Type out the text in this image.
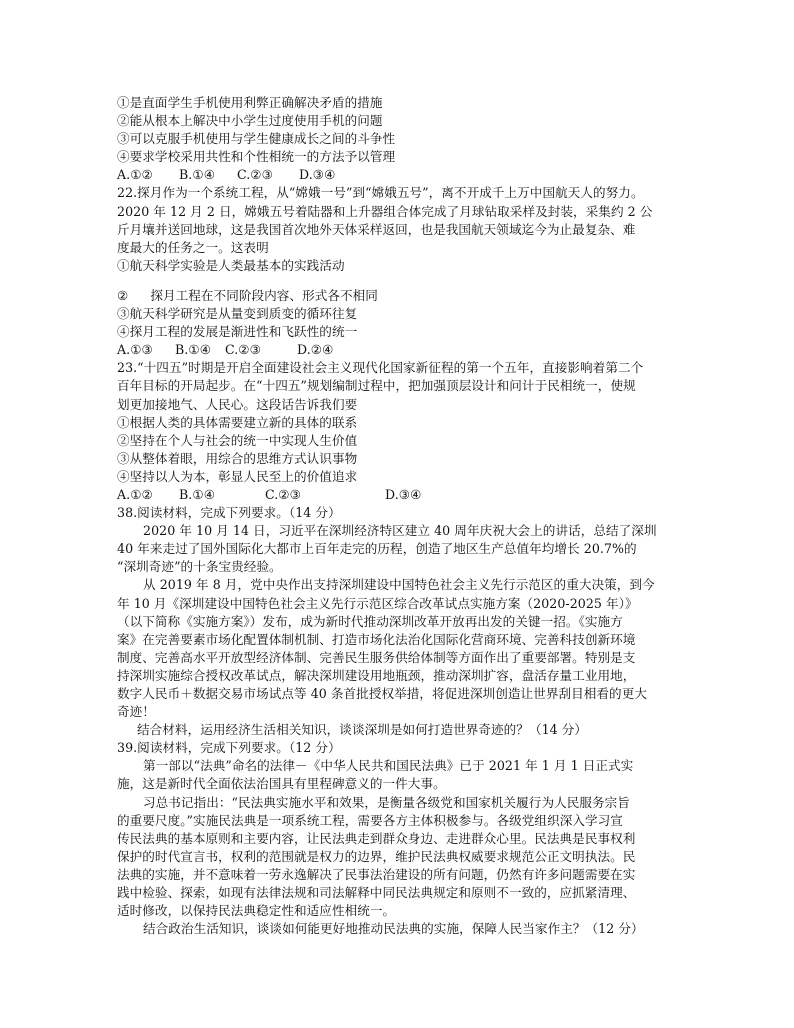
①是直面学生手机使用利弊正确解决矛盾的措施
②能从根本上解决中小学生过度使用手机的问题
③可以克服手机使用与学生健康成长之间的斗争性
④要求学校采用共性和个性相统一的方法予以管理
A.①② B.①④ C.②③ D.③④
22.探月作为一个系统工程，从“嫦娥一号”到“嫦娥五号”，离不开成千上万中国航天人的努力。
2020 年 12 月 2 日，嫦娥五号着陆器和上升器组合体完成了月球钻取采样及封装，采集约 2 公
斤月壤并送回地球，这是我国首次地外天体采样返回，也是我国航天领域迄今为止最复杂、难
度最大的任务之一。这表明
①航天科学实验是人类最基本的实践活动
② 探月工程在不同阶段内容、形式各不相同
③航天科学研究是从量变到质变的循环往复
④探月工程的发展是渐进性和飞跃性的统一
A.①③ B.①④ C.②③	D.②④
23.“十四五”时期是开启全面建设社会主义现代化国家新征程的第一个五年，直接影响着第二个
百年目标的开局起步。在“十四五”规划编制过程中，把加强顶层设计和问计于民相统一，使规
划更加接地气、人民心。这段话告诉我们要
①根据人类的具体需要建立新的具体的联系
②坚持在个人与社会的统一中实现人生价值
③从整体着眼，用综合的思维方式认识事物
④坚持以人为本，彰显人民至上的价值追求
A.①② B.①④	C.②③	D.③④
38.阅读材料，完成下列要求。（14 分）
2020 年 10 月 14 日，习近平在深圳经济特区建立 40 周年庆祝大会上的讲话，总结了深圳
40 年来走过了国外国际化大都市上百年走完的历程，创造了地区生产总值年均增长 20.7%的
“深圳奇迹”的十条宝贵经验。
从 2019 年 8 月，党中央作出支持深圳建设中国特色社会主义先行示范区的重大决策，到今
年 10 月《深圳建设中国特色社会主义先行示范区综合改革试点实施方案（2020-2025 年）》
（以下简称《实施方案》）发布，成为新时代推动深圳改革开放再出发的关键一招。《实施方
案》在完善要素市场化配置体制机制、打造市场化法治化国际化营商环境、完善科技创新环境
制度、完善高水平开放型经济体制、完善民生服务供给体制等方面作出了重要部署。特别是支
持深圳实施综合授权改革试点，解决深圳建设用地瓶颈，推动深圳扩容，盘活存量工业用地，
数字人民币＋数据交易市场试点等 40 条首批授权举措，将促进深圳创造让世界刮目相看的更大
奇迹！
结合材料，运用经济生活相关知识，谈谈深圳是如何打造世界奇迹的？（14 分）
39.阅读材料，完成下列要求。（12 分）
第一部以“法典”命名的法律－《中华人民共和国民法典》已于 2021 年 1 月 1 日正式实
施，这是新时代全面依法治国具有里程碑意义的一件大事。
习总书记指出：“民法典实施水平和效果，是衡量各级党和国家机关履行为人民服务宗旨
的重要尺度。”实施民法典是一项系统工程，需要各方主体积极参与。各级党组织深入学习宣
传民法典的基本原则和主要内容，让民法典走到群众身边、走进群众心里。民法典是民事权利
保护的时代宣言书，权利的范围就是权力的边界，维护民法典权威要求规范公正文明执法。民
法典的实施，并不意味着一劳永逸解决了民事法治建设的所有问题，仍然有许多问题需要在实
践中检验、探索，如现有法律法规和司法解释中同民法典规定和原则不一致的，应抓紧清理、
适时修改，以保持民法典稳定性和适应性相统一。
结合政治生活知识，谈谈如何能更好地推动民法典的实施，保障人民当家作主？（12 分）
